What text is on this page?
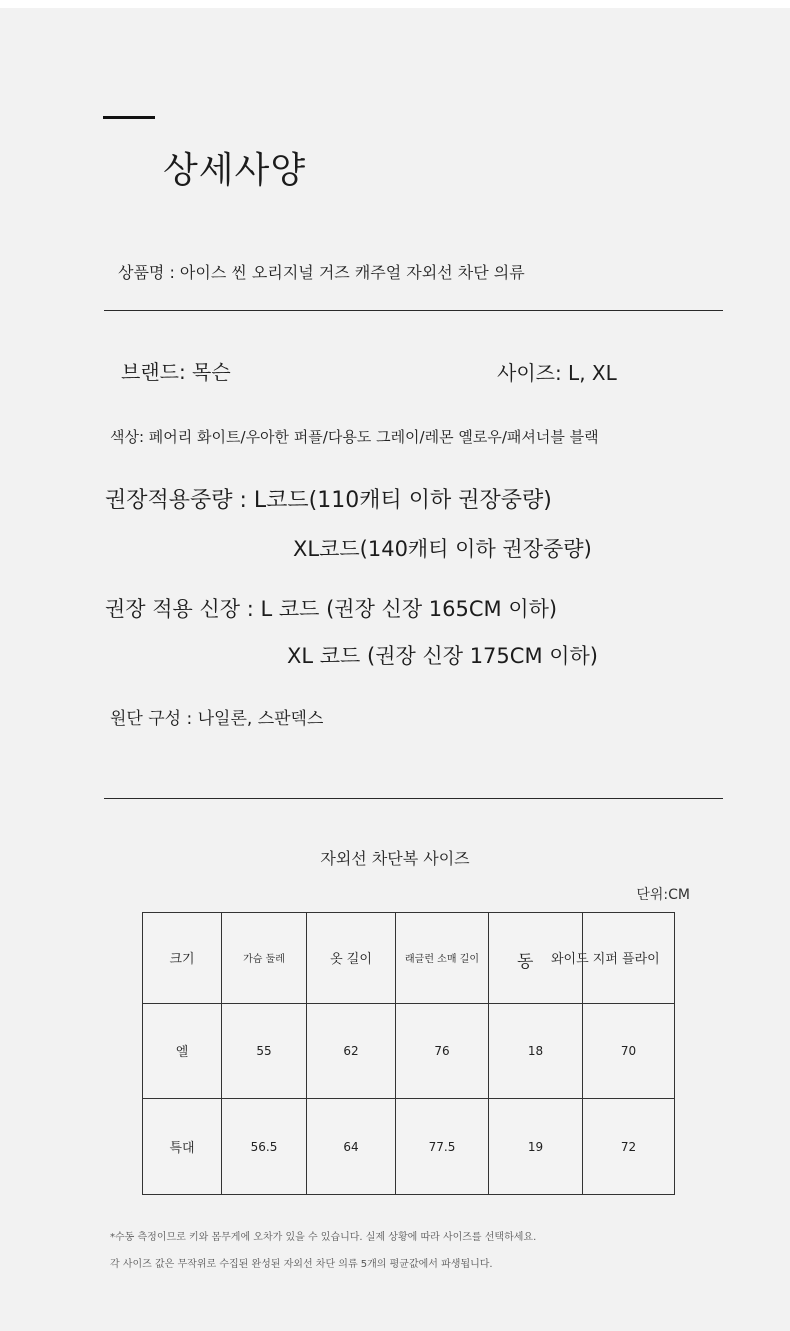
상세사양
상품명 : 아이스 씬 오리지널 거즈 캐주얼 자외선 차단 의류
브랜드: 목슨	사이즈: L, XL
색상: 페어리 화이트/우아한 퍼플/다용도 그레이/레몬 옐로우/패셔너블 블랙
권장적용중량 : L코드(110캐티 이하 권장중량)
XL코드(140캐티 이하 권장중량)
권장 적용 신장 : L 코드 (권장 신장 165CM 이하)
XL 코드 (권장 신장 175CM 이하)
원단 구성 : 나일론, 스판덱스
자외선 차단복 사이즈
단위:CM
크기	가슴 둘레	옷 길이	래글런 소매 길이	동	와이드 지퍼 플라이
엘	55	62	76	18	70
특대	56.5	64	77.5	19	72
*수동 측정이므로 키와 몸무게에 오차가 있을 수 있습니다. 실제 상황에 따라 사이즈를 선택하세요.
각 사이즈 값은 무작위로 수집된 완성된 자외선 차단 의류 5개의 평균값에서 파생됩니다.
